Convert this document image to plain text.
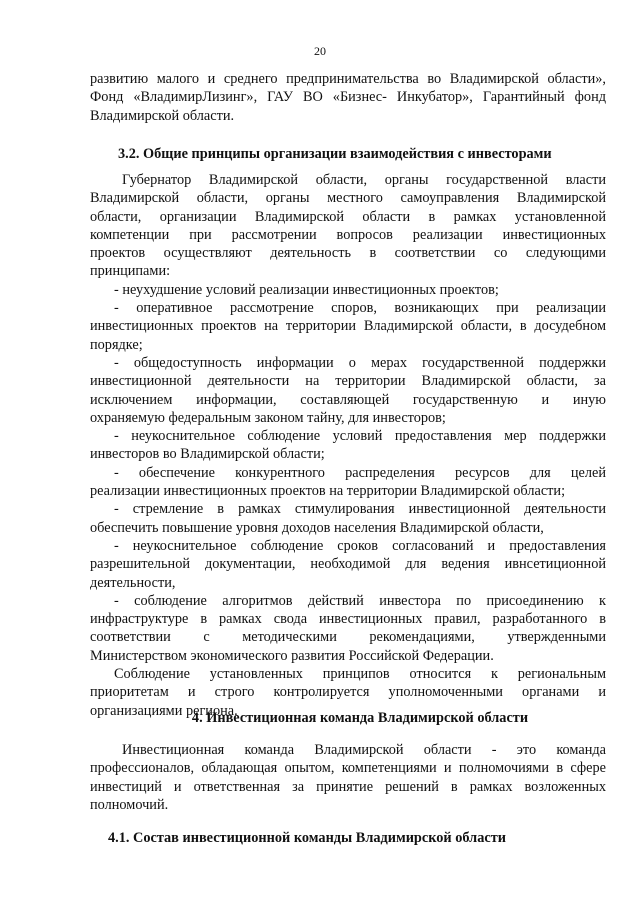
20
развитию малого и среднего предпринимательства во Владимирской области»,
Фонд «ВладимирЛизинг», ГАУ ВО «Бизнес- Инкубатор», Гарантийный фонд
Владимирской области.
3.2. Общие принципы организации взаимодействия с инвесторами
Губернатор Владимирской области, органы государственной власти
Владимирской области, органы местного самоуправления Владимирской
области, организации Владимирской области в рамках установленной
компетенции при рассмотрении вопросов реализации инвестиционных
проектов осуществляют деятельность в соответствии со следующими
принципами:
- неухудшение условий реализации инвестиционных проектов;
- оперативное рассмотрение споров, возникающих при реализации
инвестиционных проектов на территории Владимирской области, в досудебном
порядке;
- общедоступность информации о мерах государственной поддержки
инвестиционной деятельности на территории Владимирской области, за
исключением информации, составляющей государственную и иную
охраняемую федеральным законом тайну, для инвесторов;
- неукоснительное соблюдение условий предоставления мер поддержки
инвесторов во Владимирской области;
- обеспечение конкурентного распределения ресурсов для целей
реализации инвестиционных проектов на территории Владимирской области;
- стремление в рамках стимулирования инвестиционной деятельности
обеспечить повышение уровня доходов населения Владимирской области,
- неукоснительное соблюдение сроков согласований и предоставления
разрешительной документации, необходимой для ведения ивнсетиционной
деятельности,
- соблюдение алгоритмов действий инвестора по присоединению к
инфраструктуре в рамках свода инвестиционных правил, разработанного в
соответствии с методическими рекомендациями, утвержденными
Министерством экономического развития Российской Федерации.
Соблюдение установленных принципов относится к региональным
приоритетам и строго контролируется уполномоченными органами и
организациями региона.
4. Инвестиционная команда Владимирской области
Инвестиционная команда Владимирской области - это команда
профессионалов, обладающая опытом, компетенциями и полномочиями в сфере
инвестиций и ответственная за принятие решений в рамках возложенных
полномочий.
4.1. Состав инвестиционной команды Владимирской области
